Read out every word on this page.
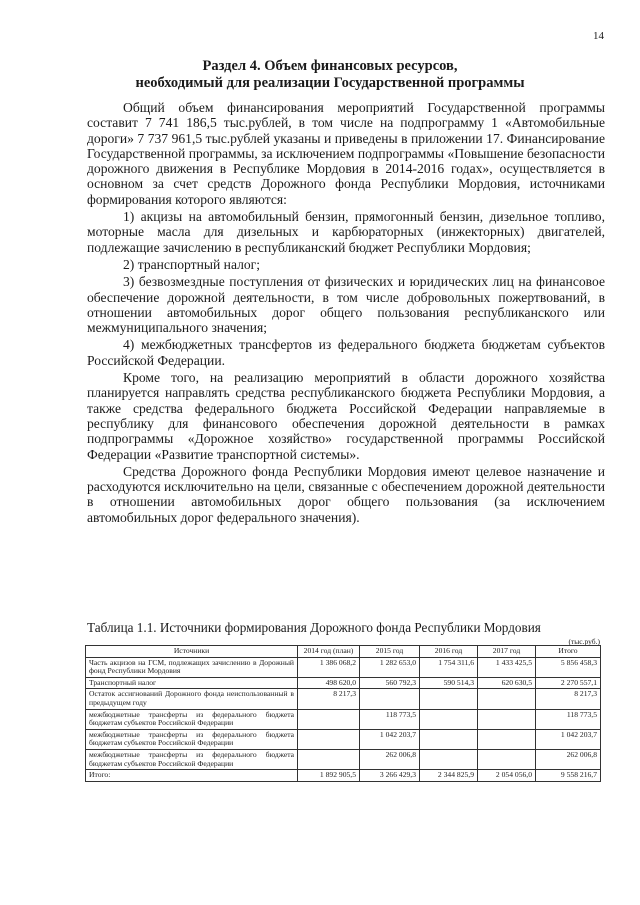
14
Раздел 4. Объем финансовых ресурсов,
необходимый для реализации Государственной программы

Общий объем финансирования мероприятий Государственной программы составит 7 741 186,5 тыс.рублей, в том числе на подпрограмму 1 «Автомобильные дороги» 7 737 961,5 тыс.рублей указаны и приведены в приложении 17. Финансирование Государственной программы, за исключением подпрограммы «Повышение безопасности дорожного движения в Республике Мордовия в 2014-2016 годах», осуществляется в основном за счет средств Дорожного фонда Республики Мордовия, источниками формирования которого являются:

1) акцизы на автомобильный бензин, прямогонный бензин, дизельное топливо, моторные масла для дизельных и карбюраторных (инжекторных) двигателей, подлежащие зачислению в республиканский бюджет Республики Мордовия;

2) транспортный налог;

3) безвозмездные поступления от физических и юридических лиц на финансовое обеспечение дорожной деятельности, в том числе добровольных пожертвований, в отношении автомобильных дорог общего пользования республиканского или межмуниципального значения;

4) межбюджетных трансфертов из федерального бюджета бюджетам субъектов Российской Федерации.

Кроме того, на реализацию мероприятий в области дорожного хозяйства планируется направлять средства республиканского бюджета Республики Мордовия, а также средства федерального бюджета Российской Федерации направляемые в республику для финансового обеспечения дорожной деятельности в рамках подпрограммы «Дорожное хозяйство» государственной программы Российской Федерации «Развитие транспортной системы».

Средства Дорожного фонда Республики Мордовия имеют целевое назначение и расходуются исключительно на цели, связанные с обеспечением дорожной деятельности в отношении автомобильных дорог общего пользования (за исключением автомобильных дорог федерального значения).

Таблица 1.1. Источники формирования Дорожного фонда Республики Мордовия
(тыс.руб.)
Источники	2014 год (план)	2015 год	2016 год	2017 год	Итого
Часть акцизов на ГСМ, подлежащих зачислению в Дорожный фонд Республики Мордовия	1 386 068,2	1 282 653,0	1 754 311,6	1 433 425,5	5 856 458,3
Транспортный налог	498 620,0	560 792,3	590 514,3	620 630,5	2 270 557,1
Остаток ассигнований Дорожного фонда неиспользованный в предыдущем году	8 217,3				8 217,3
межбюджетные трансферты из федерального бюджета бюджетам субъектов Российской Федерации		118 773,5			118 773,5
межбюджетные трансферты из федерального бюджета бюджетам субъектов Российской Федерации		1 042 203,7			1 042 203,7
межбюджетные трансферты из федерального бюджета бюджетам субъектов Российской Федерации		262 006,8			262 006,8
Итого:	1 892 905,5	3 266 429,3	2 344 825,9	2 054 056,0	9 558 216,7
